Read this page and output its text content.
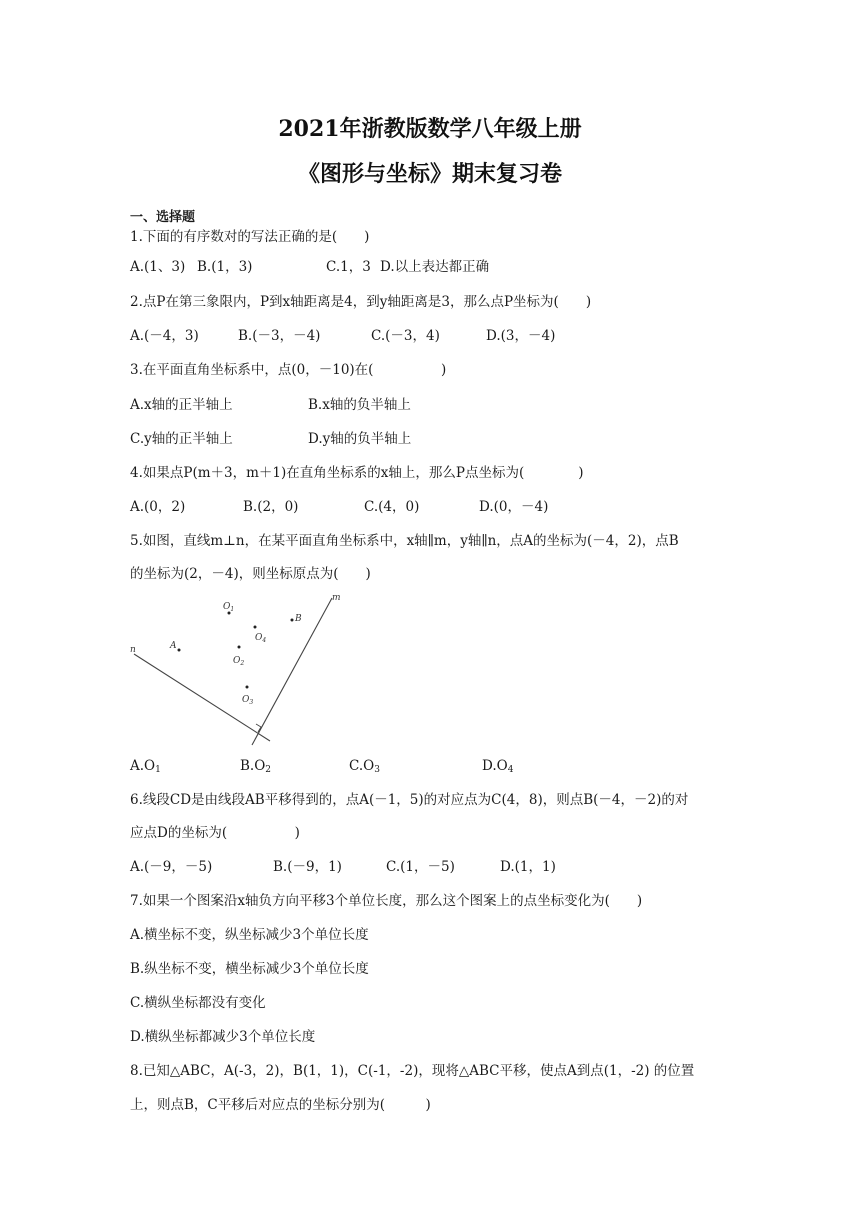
2021年浙教版数学八年级上册
《图形与坐标》期末复习卷
一、选择题
1.下面的有序数对的写法正确的是(　　)
A.(1、3) B.(1，3)	C.1，3 D.以上表达都正确
2.点P在第三象限内，P到x轴距离是4，到y轴距离是3，那么点P坐标为(　　)
A.(－4，3)	B.(－3，－4)	C.(－3，4)	D.(3，－4)
3.在平面直角坐标系中，点(0，－10)在(　　　　　)
A.x轴的正半轴上	B.x轴的负半轴上
C.y轴的正半轴上	D.y轴的负半轴上
4.如果点P(m＋3，m＋1)在直角坐标系的x轴上，那么P点坐标为(　　　　)
A.(0，2)	B.(2，0)	C.(4，0)	D.(0，－4)
5.如图，直线m⊥n，在某平面直角坐标系中，x轴∥m，y轴∥n，点A的坐标为(－4，2)，点B
的坐标为(2，－4)，则坐标原点为(　　)
m
n	A
B
$O_1$
$O_2$
$O_3$
$O_4$
$A.O_1$	$B.O_2$	$C.O_3$	$D.O_4$
6.线段CD是由线段AB平移得到的，点A(－1，5)的对应点为C(4，8)，则点B(－4，－2)的对
应点D的坐标为(　　　　　)
A.(－9，－5)	B.(－9，1)	C.(1，－5)	D.(1，1)
7.如果一个图案沿x轴负方向平移3个单位长度，那么这个图案上的点坐标变化为(　　)
A.横坐标不变，纵坐标减少3个单位长度
B.纵坐标不变，横坐标减少3个单位长度
C.横纵坐标都没有变化
D.横纵坐标都减少3个单位长度
8.已知△ABC，A(-3，2)，B(1，1)，C(-1，-2)，现将△ABC平移，使点A到点(1，-2) 的位置
上，则点B，C平移后对应点的坐标分别为(　　　)
